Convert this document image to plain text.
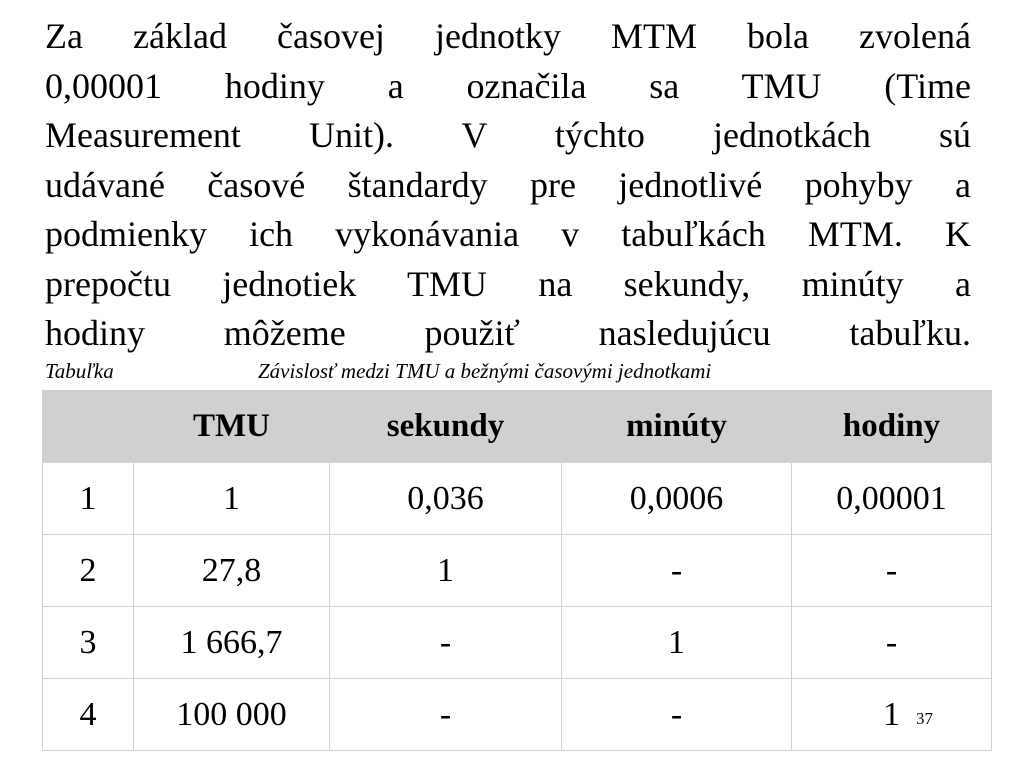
Za základ časovej jednotky MTM bola zvolená
0,00001 hodiny a označila sa TMU (Time
Measurement Unit). V týchto jednotkách sú
udávané časové štandardy pre jednotlivé pohyby a
podmienky ich vykonávania v tabuľkách MTM. K
prepočtu jednotiek TMU na sekundy, minúty a
hodiny môžeme použiť nasledujúcu tabuľku.
Tabuľka	Závislosť medzi TMU a bežnými časovými jednotkami
	TMU	sekundy	minúty	hodiny
1	1	0,036	0,0006	0,00001
2	27,8	1	-	-
3	1 666,7	-	1	-
4	100 000	-	-	1 37
